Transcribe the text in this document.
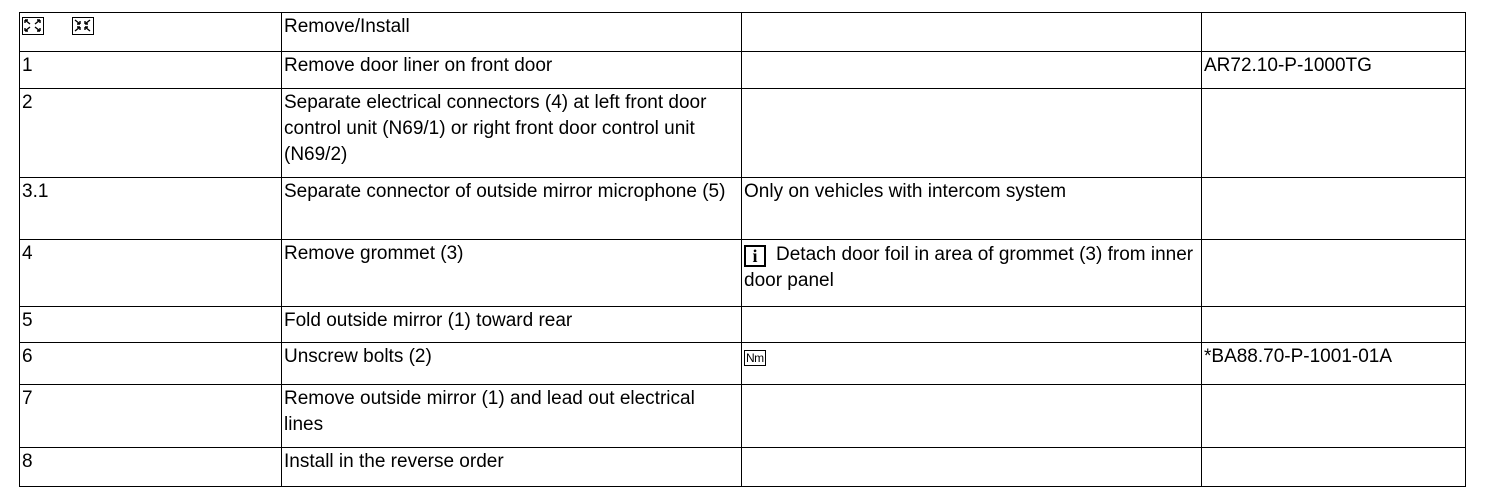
	Remove/Install		
1	Remove door liner on front door		AR72.10-P-1000TG
2	Separate electrical connectors (4) at left front door control unit (N69/1) or right front door control unit (N69/2)		
3.1	Separate connector of outside mirror microphone (5)	Only on vehicles with intercom system	
4	Remove grommet (3)	i Detach door foil in area of grommet (3) from inner door panel	
5	Fold outside mirror (1) toward rear		
6	Unscrew bolts (2)	Nm	*BA88.70-P-1001-01A
7	Remove outside mirror (1) and lead out electrical lines		
8	Install in the reverse order		
